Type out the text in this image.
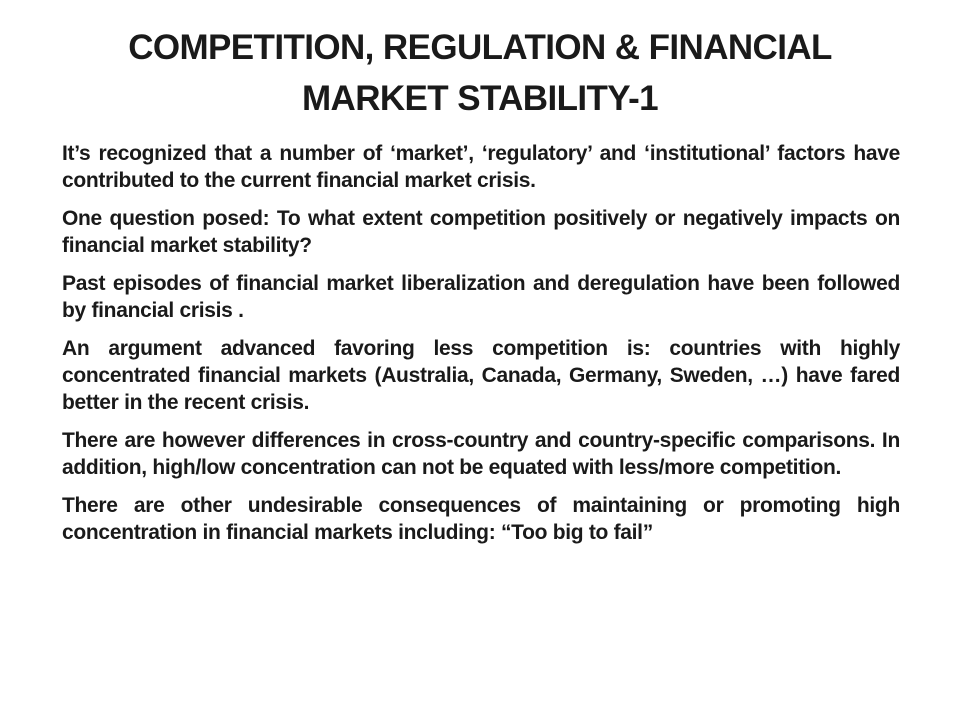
COMPETITION, REGULATION & FINANCIAL
MARKET STABILITY-1
It’s recognized that a number of ‘market’, ‘regulatory’ and ‘institutional’ factors have contributed to the current financial market crisis.
One question posed: To what extent competition positively or negatively impacts on financial market stability?
Past episodes of financial market liberalization and deregulation have been followed by financial crisis .
An argument advanced favoring less competition is: countries with highly concentrated financial markets (Australia, Canada, Germany, Sweden, …) have fared better in the recent crisis.
There are however differences in cross-country and country-specific comparisons. In addition, high/low concentration can not be equated with less/more competition.
There are other undesirable consequences of maintaining or promoting high concentration in financial markets including: “Too big to fail”
